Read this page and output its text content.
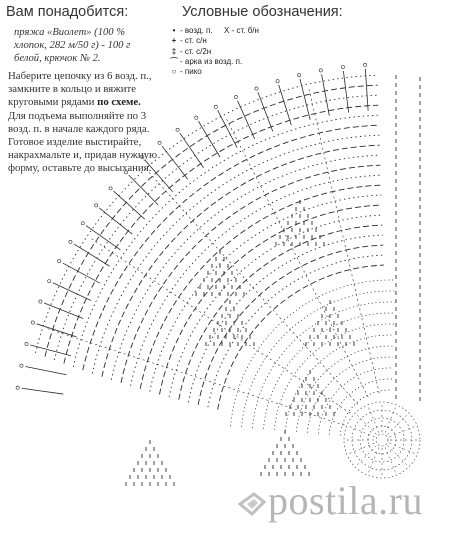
Вам понадобится:	Условные обозначения:
пряжа «Виолет» (100 % хлопок, 282 м/50 г) - 100 г белой, крючок № 2.
Наберите цепочку из 6 возд. п., замкните в кольцо и вяжите круговыми рядами по схеме. Для подъема выполняйте по 3 возд. п. в начале каждого ряда. Готовое изделие выстирайте, накрахмальте и, придав нужную форму, оставьте до высыхания.
• - возд. п. X - ст. б/н
+ - ст. с/н
‡ - ст. с/2н
⌒ - арка из возд. п.
○ - пико
postila.ru
